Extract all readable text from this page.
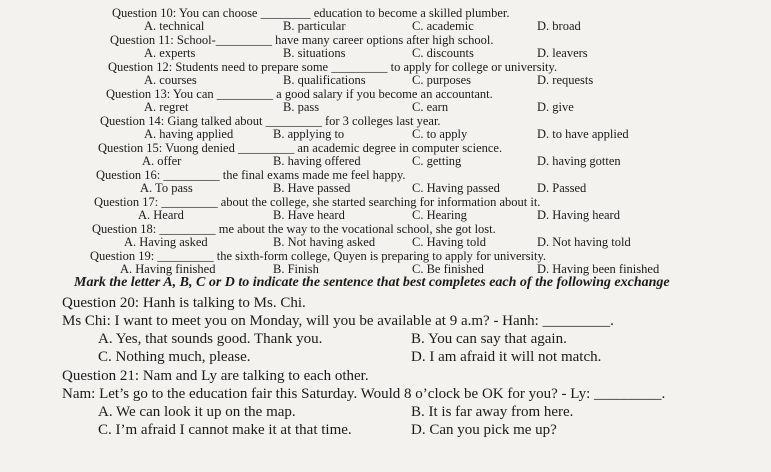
Question 10: You can choose ________ education to become a skilled plumber.
A. technical	B. particular	C. academic	D. broad
Question 11: School-_________ have many career options after high school.
A. experts	B. situations	C. discounts	D. leavers
Question 12: Students need to prepare some _________ to apply for college or university.
A. courses	B. qualifications	C. purposes	D. requests
Question 13: You can _________ a good salary if you become an accountant.
A. regret	B. pass	C. earn	D. give
Question 14: Giang talked about _________ for 3 colleges last year.
A. having applied	B. applying to	C. to apply	D. to have applied
Question 15: Vuong denied _________ an academic degree in computer science.
A. offer	B. having offered	C. getting	D. having gotten
Question 16: _________ the final exams made me feel happy.
A. To pass	B. Have passed	C. Having passed	D. Passed
Question 17: _________ about the college, she started searching for information about it.
A. Heard	B. Have heard	C. Hearing	D. Having heard
Question 18: _________ me about the way to the vocational school, she got lost.
A. Having asked	B. Not having asked	C. Having told	D. Not having told
Question 19: _________ the sixth-form college, Quyen is preparing to apply for university.
A. Having finished	B. Finish	C. Be finished	D. Having been finished
Mark the letter A, B, C or D to indicate the sentence that best completes each of the following exchange
Question 20: Hanh is talking to Ms. Chi.
Ms Chi: I want to meet you on Monday, will you be available at 9 a.m? - Hanh: _________.
A. Yes, that sounds good. Thank you.	B. You can say that again.
C. Nothing much, please.	D. I am afraid it will not match.
Question 21: Nam and Ly are talking to each other.
Nam: Let’s go to the education fair this Saturday. Would 8 o’clock be OK for you? - Ly: _________.
A. We can look it up on the map.	B. It is far away from here.
C. I’m afraid I cannot make it at that time.	D. Can you pick me up?
